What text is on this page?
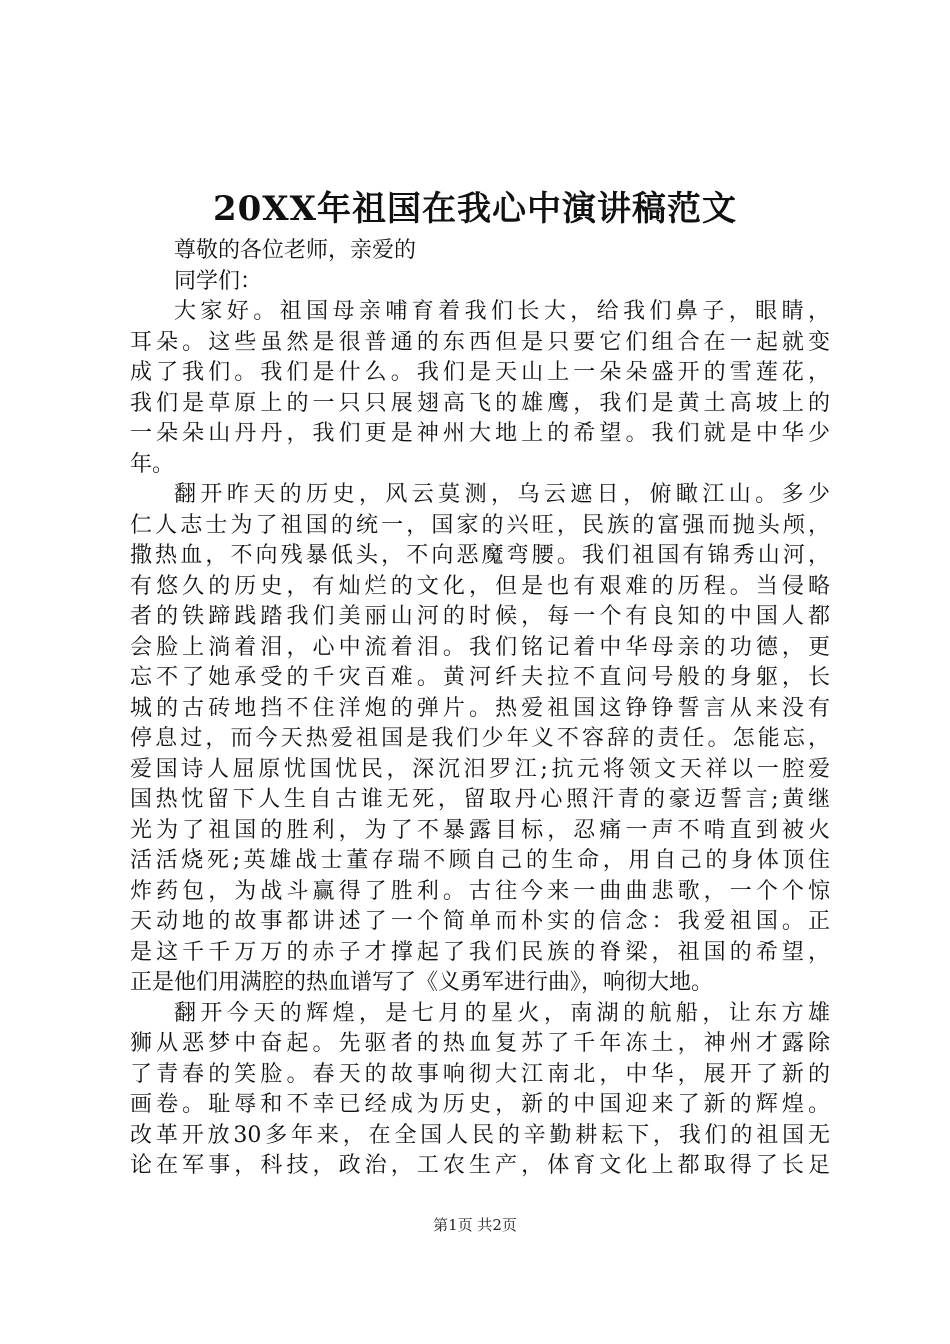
20XX年祖国在我心中演讲稿范文
尊敬的各位老师，亲爱的
同学们：
大家好。祖国母亲哺育着我们长大，给我们鼻子，眼睛，
耳朵。这些虽然是很普通的东西但是只要它们组合在一起就变
成了我们。我们是什么。我们是天山上一朵朵盛开的雪莲花，
我们是草原上的一只只展翅高飞的雄鹰，我们是黄土高坡上的
一朵朵山丹丹，我们更是神州大地上的希望。我们就是中华少
年。
翻开昨天的历史，风云莫测，乌云遮日，俯瞰江山。多少
仁人志士为了祖国的统一，国家的兴旺，民族的富强而抛头颅，
撒热血，不向残暴低头，不向恶魔弯腰。我们祖国有锦秀山河，
有悠久的历史，有灿烂的文化，但是也有艰难的历程。当侵略
者的铁蹄践踏我们美丽山河的时候，每一个有良知的中国人都
会脸上淌着泪，心中流着泪。我们铭记着中华母亲的功德，更
忘不了她承受的千灾百难。黄河纤夫拉不直问号般的身躯，长
城的古砖地挡不住洋炮的弹片。热爱祖国这铮铮誓言从来没有
停息过，而今天热爱祖国是我们少年义不容辞的责任。怎能忘，
爱国诗人屈原忧国忧民，深沉汨罗江;抗元将领文天祥以一腔爱
国热忱留下人生自古谁无死，留取丹心照汗青的豪迈誓言;黄继
光为了祖国的胜利，为了不暴露目标，忍痛一声不啃直到被火
活活烧死;英雄战士董存瑞不顾自己的生命，用自己的身体顶住
炸药包，为战斗赢得了胜利。古往今来一曲曲悲歌，一个个惊
天动地的故事都讲述了一个简单而朴实的信念：我爱祖国。正
是这千千万万的赤子才撑起了我们民族的脊梁，祖国的希望，
正是他们用满腔的热血谱写了《义勇军进行曲》，响彻大地。
翻开今天的辉煌，是七月的星火，南湖的航船，让东方雄
狮从恶梦中奋起。先驱者的热血复苏了千年冻土，神州才露除
了青春的笑脸。春天的故事响彻大江南北，中华，展开了新的
画卷。耻辱和不幸已经成为历史，新的中国迎来了新的辉煌。
改革开放30多年来，在全国人民的辛勤耕耘下，我们的祖国无
论在军事，科技，政治，工农生产，体育文化上都取得了长足
第1页 共2页
